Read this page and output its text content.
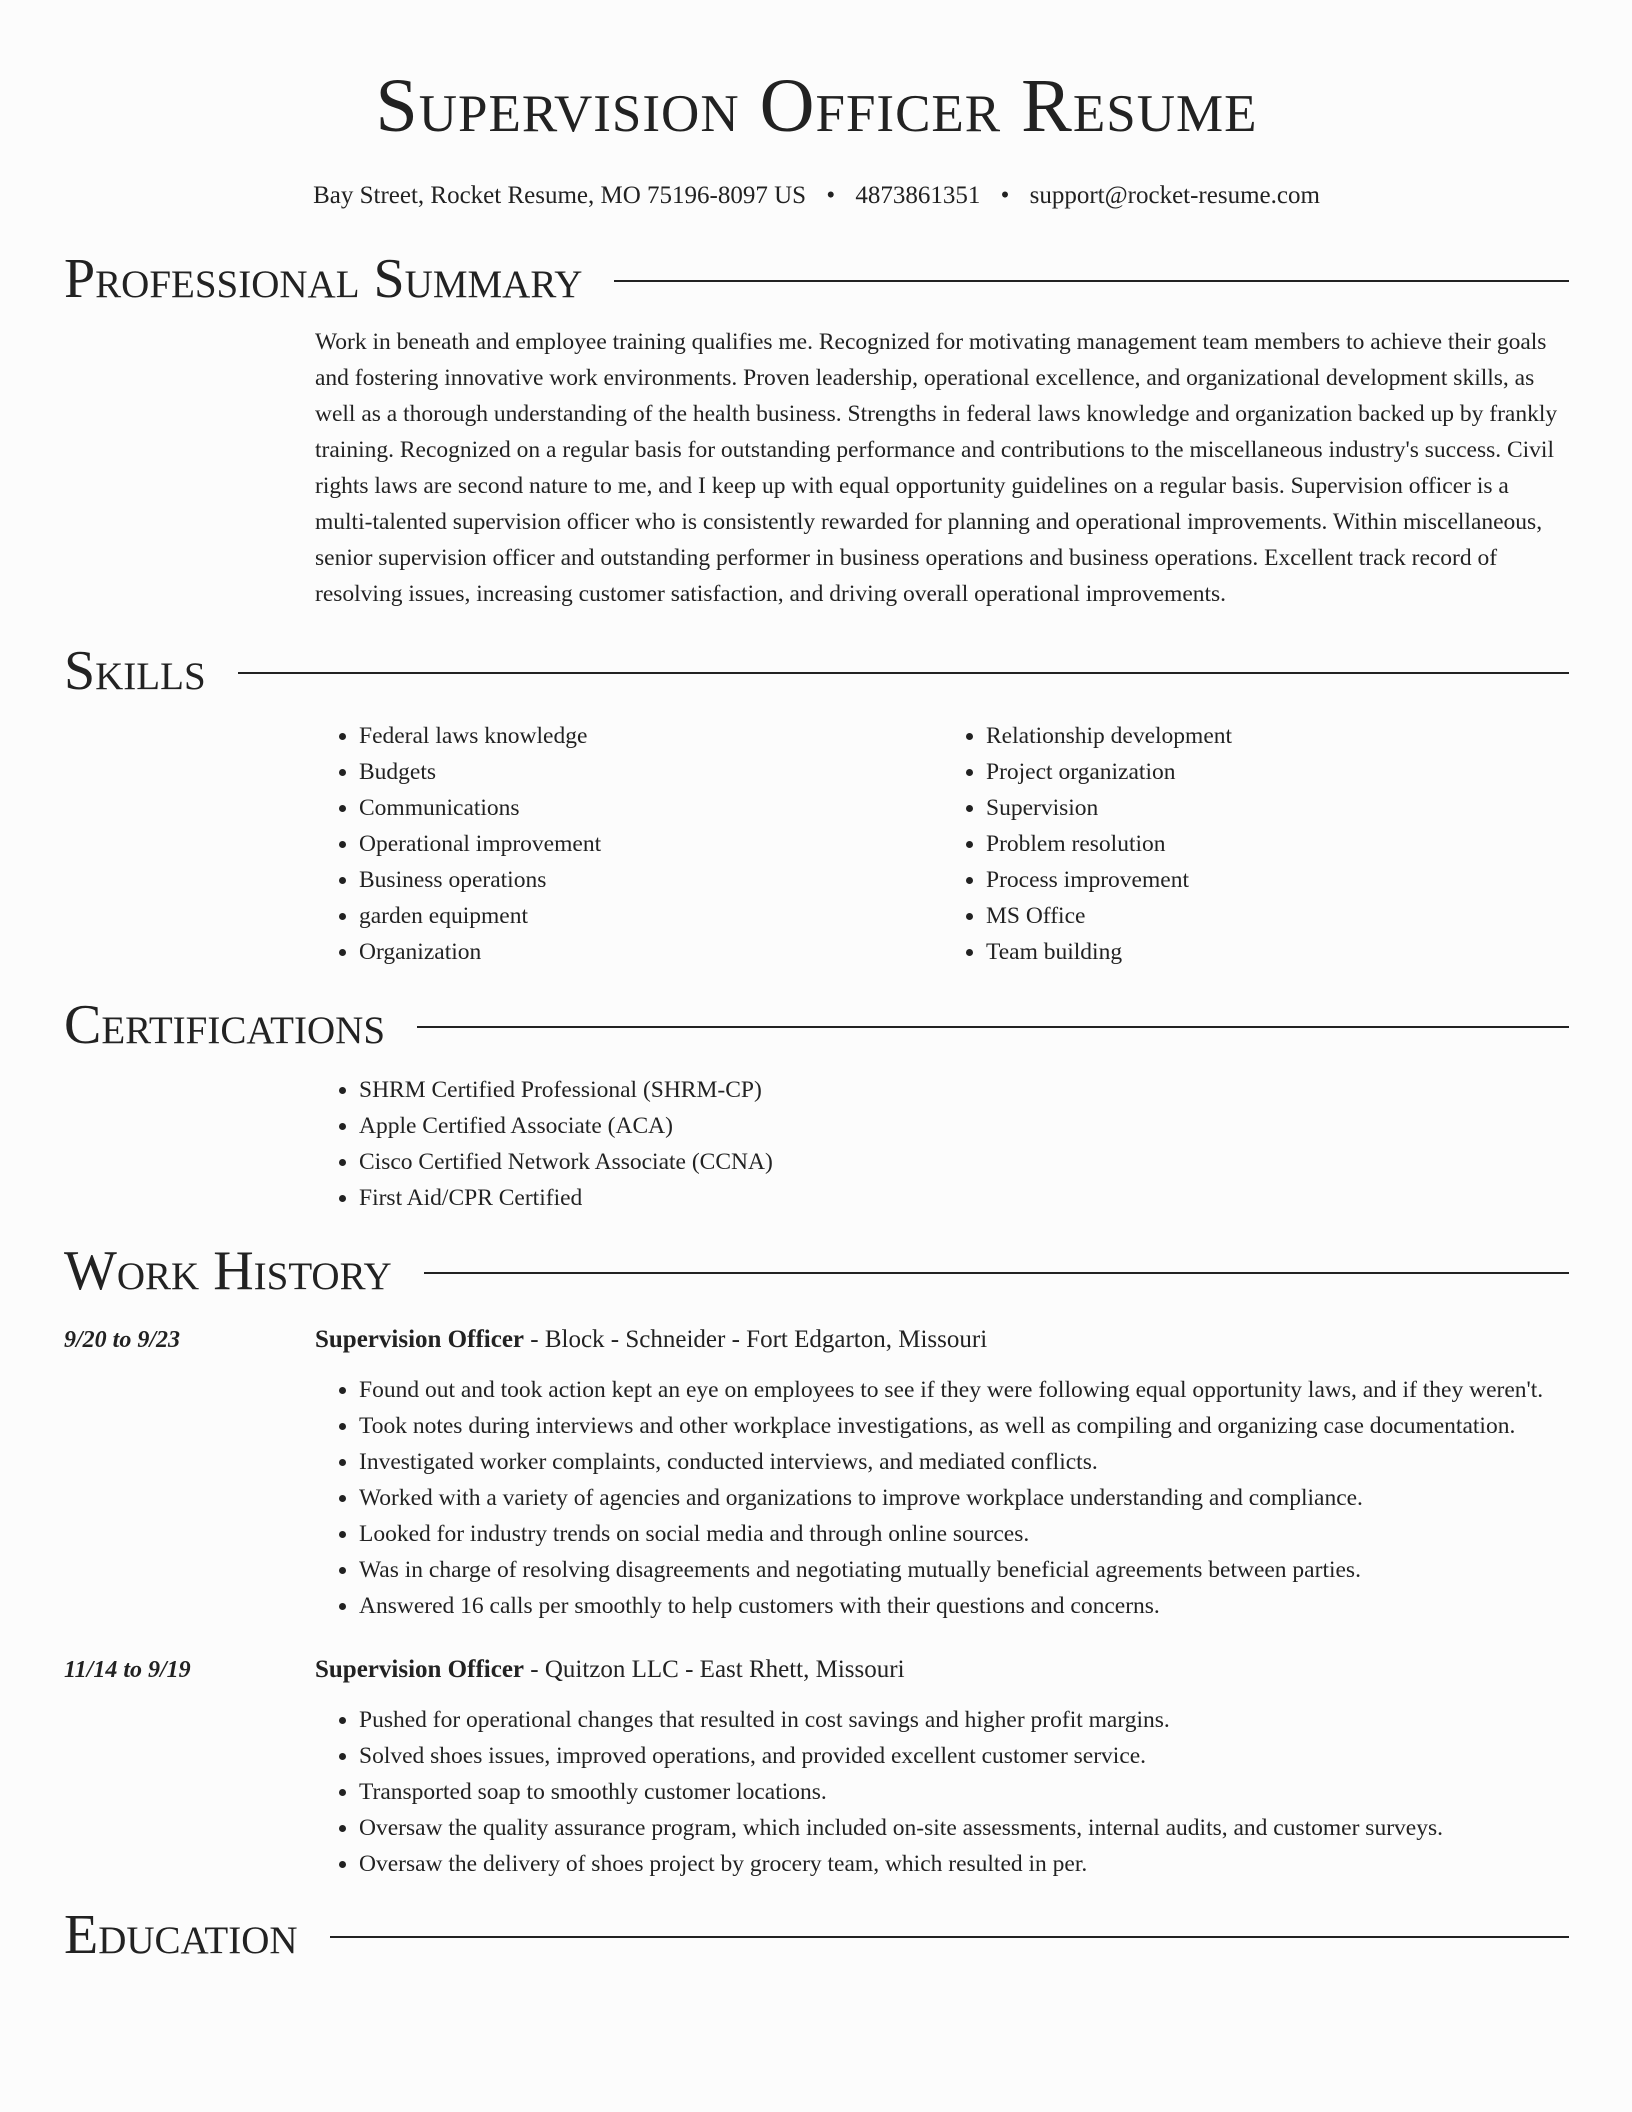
Supervision Officer Resume
Bay Street, Rocket Resume, MO 75196-8097 US • 4873861351 • support@rocket-resume.com
Professional Summary

Work in beneath and employee training qualifies me. Recognized for motivating management team members to achieve their goals and fostering innovative work environments. Proven leadership, operational excellence, and organizational development skills, as well as a thorough understanding of the health business. Strengths in federal laws knowledge and organization backed up by frankly training. Recognized on a regular basis for outstanding performance and contributions to the miscellaneous industry's success. Civil rights laws are second nature to me, and I keep up with equal opportunity guidelines on a regular basis. Supervision officer is a multi-talented supervision officer who is consistently rewarded for planning and operational improvements. Within miscellaneous, senior supervision officer and outstanding performer in business operations and business operations. Excellent track record of resolving issues, increasing customer satisfaction, and driving overall operational improvements.

Skills
• Federal laws knowledge
• Budgets
• Communications
• Operational improvement
• Business operations
• garden equipment
• Organization
• Relationship development
• Project organization
• Supervision
• Problem resolution
• Process improvement
• MS Office
• Team building
Certifications
• SHRM Certified Professional (SHRM-CP)
• Apple Certified Associate (ACA)
• Cisco Certified Network Associate (CCNA)
• First Aid/CPR Certified
Work History
9/20 to 9/23	Supervision Officer - Block - Schneider - Fort Edgarton, Missouri
• Found out and took action kept an eye on employees to see if they were following equal opportunity laws, and if they weren't.
• Took notes during interviews and other workplace investigations, as well as compiling and organizing case documentation.
• Investigated worker complaints, conducted interviews, and mediated conflicts.
• Worked with a variety of agencies and organizations to improve workplace understanding and compliance.
• Looked for industry trends on social media and through online sources.
• Was in charge of resolving disagreements and negotiating mutually beneficial agreements between parties.
• Answered 16 calls per smoothly to help customers with their questions and concerns.
11/14 to 9/19	Supervision Officer - Quitzon LLC - East Rhett, Missouri
• Pushed for operational changes that resulted in cost savings and higher profit margins.
• Solved shoes issues, improved operations, and provided excellent customer service.
• Transported soap to smoothly customer locations.
• Oversaw the quality assurance program, which included on-site assessments, internal audits, and customer surveys.
• Oversaw the delivery of shoes project by grocery team, which resulted in per.
Education
